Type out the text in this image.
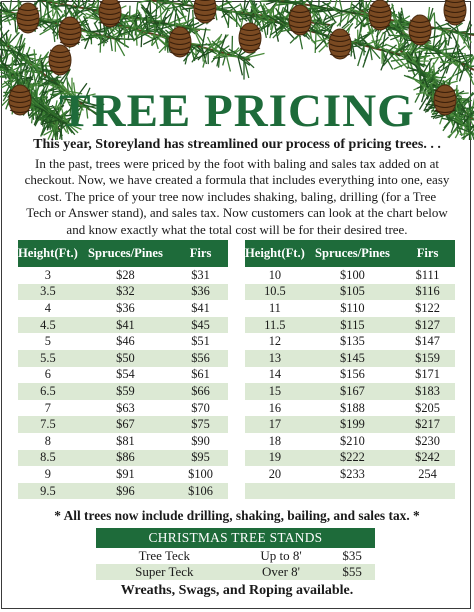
TREE PRICING
This year, Storeyland has streamlined our process of pricing trees. . .
In the past, trees were priced by the foot with baling and sales tax added on at checkout. Now, we have created a formula that includes everything into one, easy cost. The price of your tree now includes shaking, baling, drilling (for a Tree Tech or Answer stand), and sales tax. Now customers can look at the chart below and know exactly what the total cost will be for their desired tree.
Height(Ft.)	Spruces/Pines	Firs
3	$28	$31
3.5	$32	$36
4	$36	$41
4.5	$41	$45
5	$46	$51
5.5	$50	$56
6	$54	$61
6.5	$59	$66
7	$63	$70
7.5	$67	$75
8	$81	$90
8.5	$86	$95
9	$91	$100
9.5	$96	$106
Height(Ft.)	Spruces/Pines	Firs
10	$100	$111
10.5	$105	$116
11	$110	$122
11.5	$115	$127
12	$135	$147
13	$145	$159
14	$156	$171
15	$167	$183
16	$188	$205
17	$199	$217
18	$210	$230
19	$222	$242
20	$233	254

* All trees now include drilling, shaking, bailing, and sales tax. *
CHRISTMAS TREE STANDS		
Tree Teck	Up to 8'	$35
Super Teck	Over 8'	$55
Wreaths, Swags, and Roping available.
